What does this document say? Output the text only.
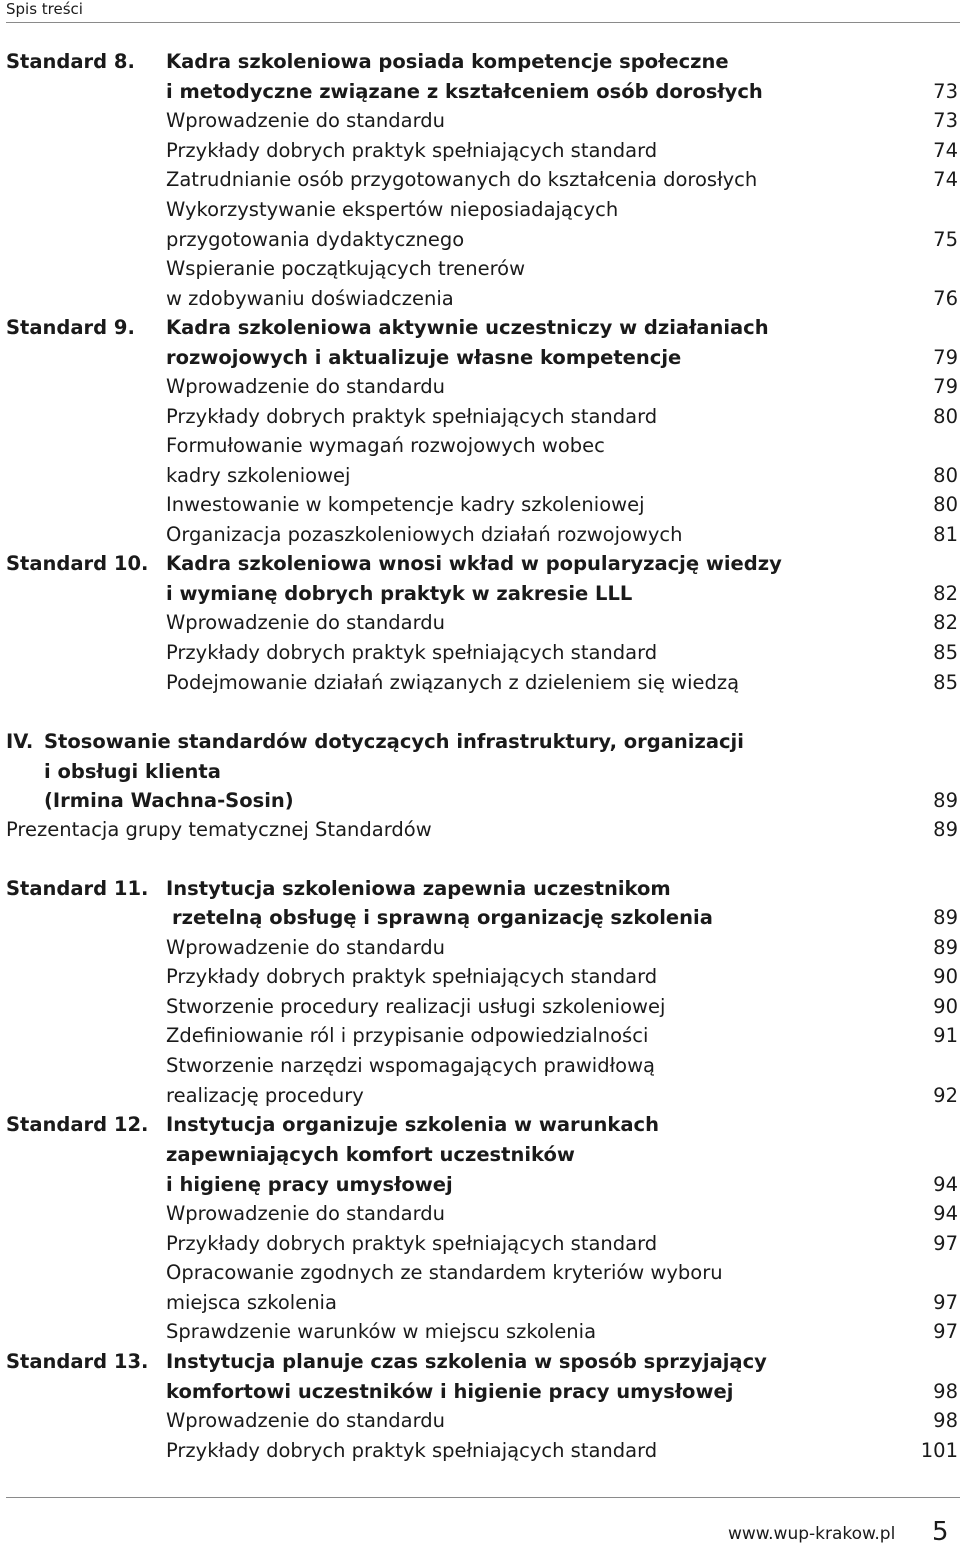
Spis treści
Standard 8. Kadra szkoleniowa posiada kompetencje społeczne
i metodyczne związane z kształceniem osób dorosłych	73
Wprowadzenie do standardu	73
Przykłady dobrych praktyk spełniających standard	74
Zatrudnianie osób przygotowanych do kształcenia dorosłych	74
Wykorzystywanie ekspertów nieposiadających
przygotowania dydaktycznego	75
Wspieranie początkujących trenerów
w zdobywaniu doświadczenia	76
Standard 9. Kadra szkoleniowa aktywnie uczestniczy w działaniach
rozwojowych i aktualizuje własne kompetencje	79
Wprowadzenie do standardu	79
Przykłady dobrych praktyk spełniających standard	80
Formułowanie wymagań rozwojowych wobec
kadry szkoleniowej	80
Inwestowanie w kompetencje kadry szkoleniowej	80
Organizacja pozaszkoleniowych działań rozwojowych	81
Standard 10. Kadra szkoleniowa wnosi wkład w popularyzację wiedzy
i wymianę dobrych praktyk w zakresie LLL	82
Wprowadzenie do standardu	82
Przykłady dobrych praktyk spełniających standard	85
Podejmowanie działań związanych z dzieleniem się wiedzą	85
IV. Stosowanie standardów dotyczących infrastruktury, organizacji
i obsługi klienta
(Irmina Wachna-Sosin)	89
Prezentacja grupy tematycznej Standardów	89
Standard 11. Instytucja szkoleniowa zapewnia uczestnikom
rzetelną obsługę i sprawną organizację szkolenia	89
Wprowadzenie do standardu	89
Przykłady dobrych praktyk spełniających standard	90
Stworzenie procedury realizacji usługi szkoleniowej	90
Zdefiniowanie ról i przypisanie odpowiedzialności	91
Stworzenie narzędzi wspomagających prawidłową
realizację procedury	92
Standard 12. Instytucja organizuje szkolenia w warunkach
zapewniających komfort uczestników
i higienę pracy umysłowej	94
Wprowadzenie do standardu	94
Przykłady dobrych praktyk spełniających standard	97
Opracowanie zgodnych ze standardem kryteriów wyboru
miejsca szkolenia	97
Sprawdzenie warunków w miejscu szkolenia	97
Standard 13. Instytucja planuje czas szkolenia w sposób sprzyjający
komfortowi uczestników i higienie pracy umysłowej	98
Wprowadzenie do standardu	98
Przykłady dobrych praktyk spełniających standard	101
www.wup-krakow.pl 5
